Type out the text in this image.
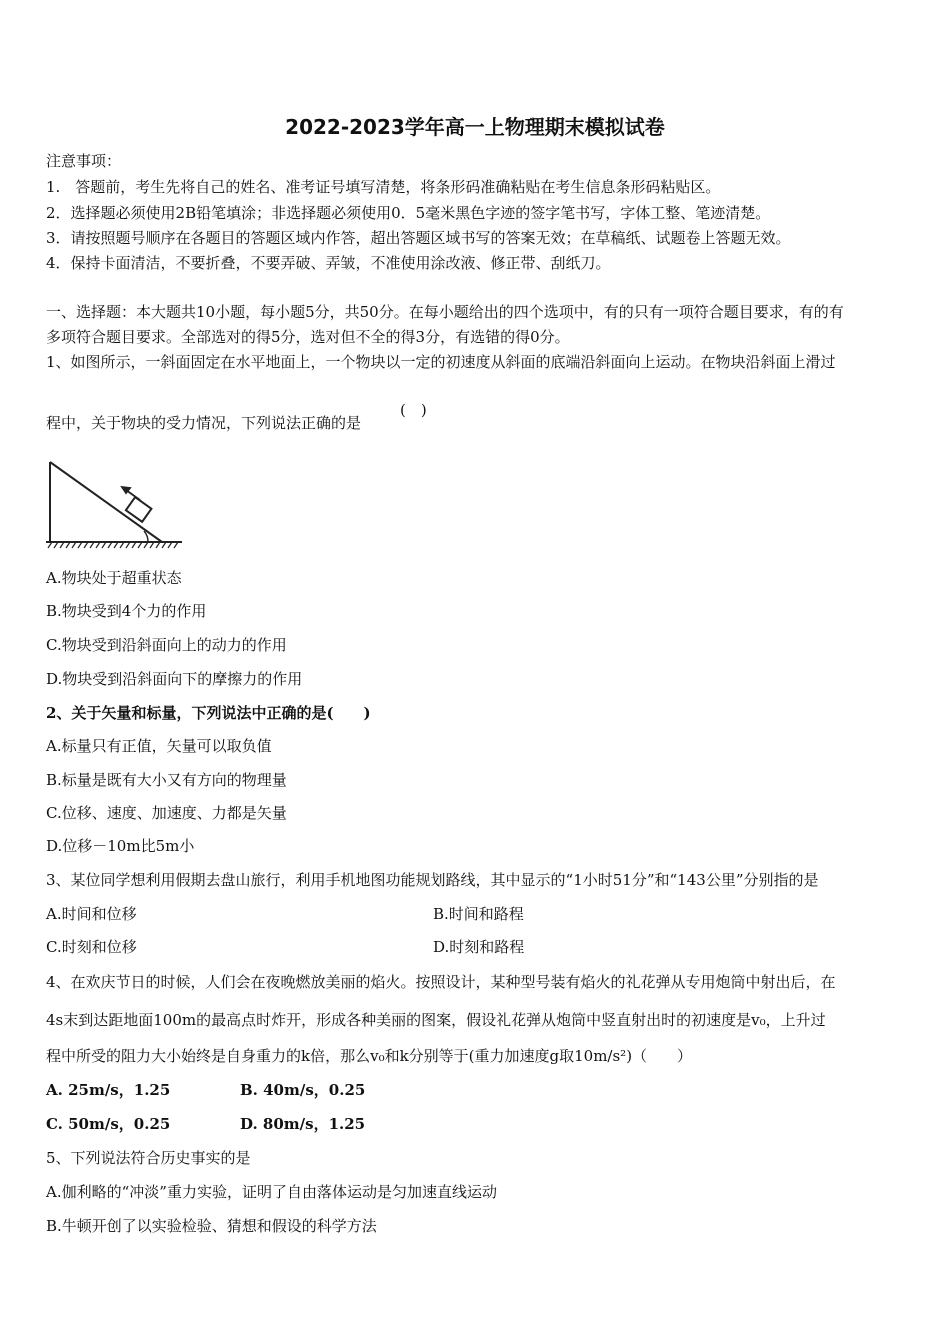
2022-2023学年高一上物理期末模拟试卷
注意事项：
1.　答题前，考生先将自己的姓名、准考证号填写清楚，将条形码准确粘贴在考生信息条形码粘贴区。
2．选择题必须使用2B铅笔填涂；非选择题必须使用0．5毫米黑色字迹的签字笔书写，字体工整、笔迹清楚。
3．请按照题号顺序在各题目的答题区域内作答，超出答题区域书写的答案无效；在草稿纸、试题卷上答题无效。
4．保持卡面清洁，不要折叠，不要弄破、弄皱，不准使用涂改液、修正带、刮纸刀。
一、选择题：本大题共10小题，每小题5分，共50分。在每小题给出的四个选项中，有的只有一项符合题目要求，有的有
多项符合题目要求。全部选对的得5分，选对但不全的得3分，有选错的得0分。
1、如图所示，一斜面固定在水平地面上，一个物块以一定的初速度从斜面的底端沿斜面向上运动。在物块沿斜面上滑过
程中，关于物块的受力情况，下列说法正确的是
(　)
A.物块处于超重状态
B.物块受到4个力的作用
C.物块受到沿斜面向上的动力的作用
D.物块受到沿斜面向下的摩擦力的作用
2、关于矢量和标量，下列说法中正确的是(　　)
A.标量只有正值，矢量可以取负值
B.标量是既有大小又有方向的物理量
C.位移、速度、加速度、力都是矢量
D.位移－10m比5m小
3、某位同学想利用假期去盘山旅行，利用手机地图功能规划路线，其中显示的“1小时51分”和“143公里”分别指的是
A.时间和位移	B.时间和路程
C.时刻和位移	D.时刻和路程
4、在欢庆节日的时候，人们会在夜晚燃放美丽的焰火。按照设计，某种型号装有焰火的礼花弹从专用炮筒中射出后，在
4s末到达距地面100m的最高点时炸开，形成各种美丽的图案，假设礼花弹从炮筒中竖直射出时的初速度是v₀，上升过
程中所受的阻力大小始终是自身重力的k倍，那么v₀和k分别等于(重力加速度g取10m/s²)（　　）
A. 25m/s，1.25	B. 40m/s，0.25
C. 50m/s，0.25	D. 80m/s，1.25
5、下列说法符合历史事实的是
A.伽利略的“冲淡”重力实验，证明了自由落体运动是匀加速直线运动
B.牛顿开创了以实验检验、猜想和假设的科学方法
